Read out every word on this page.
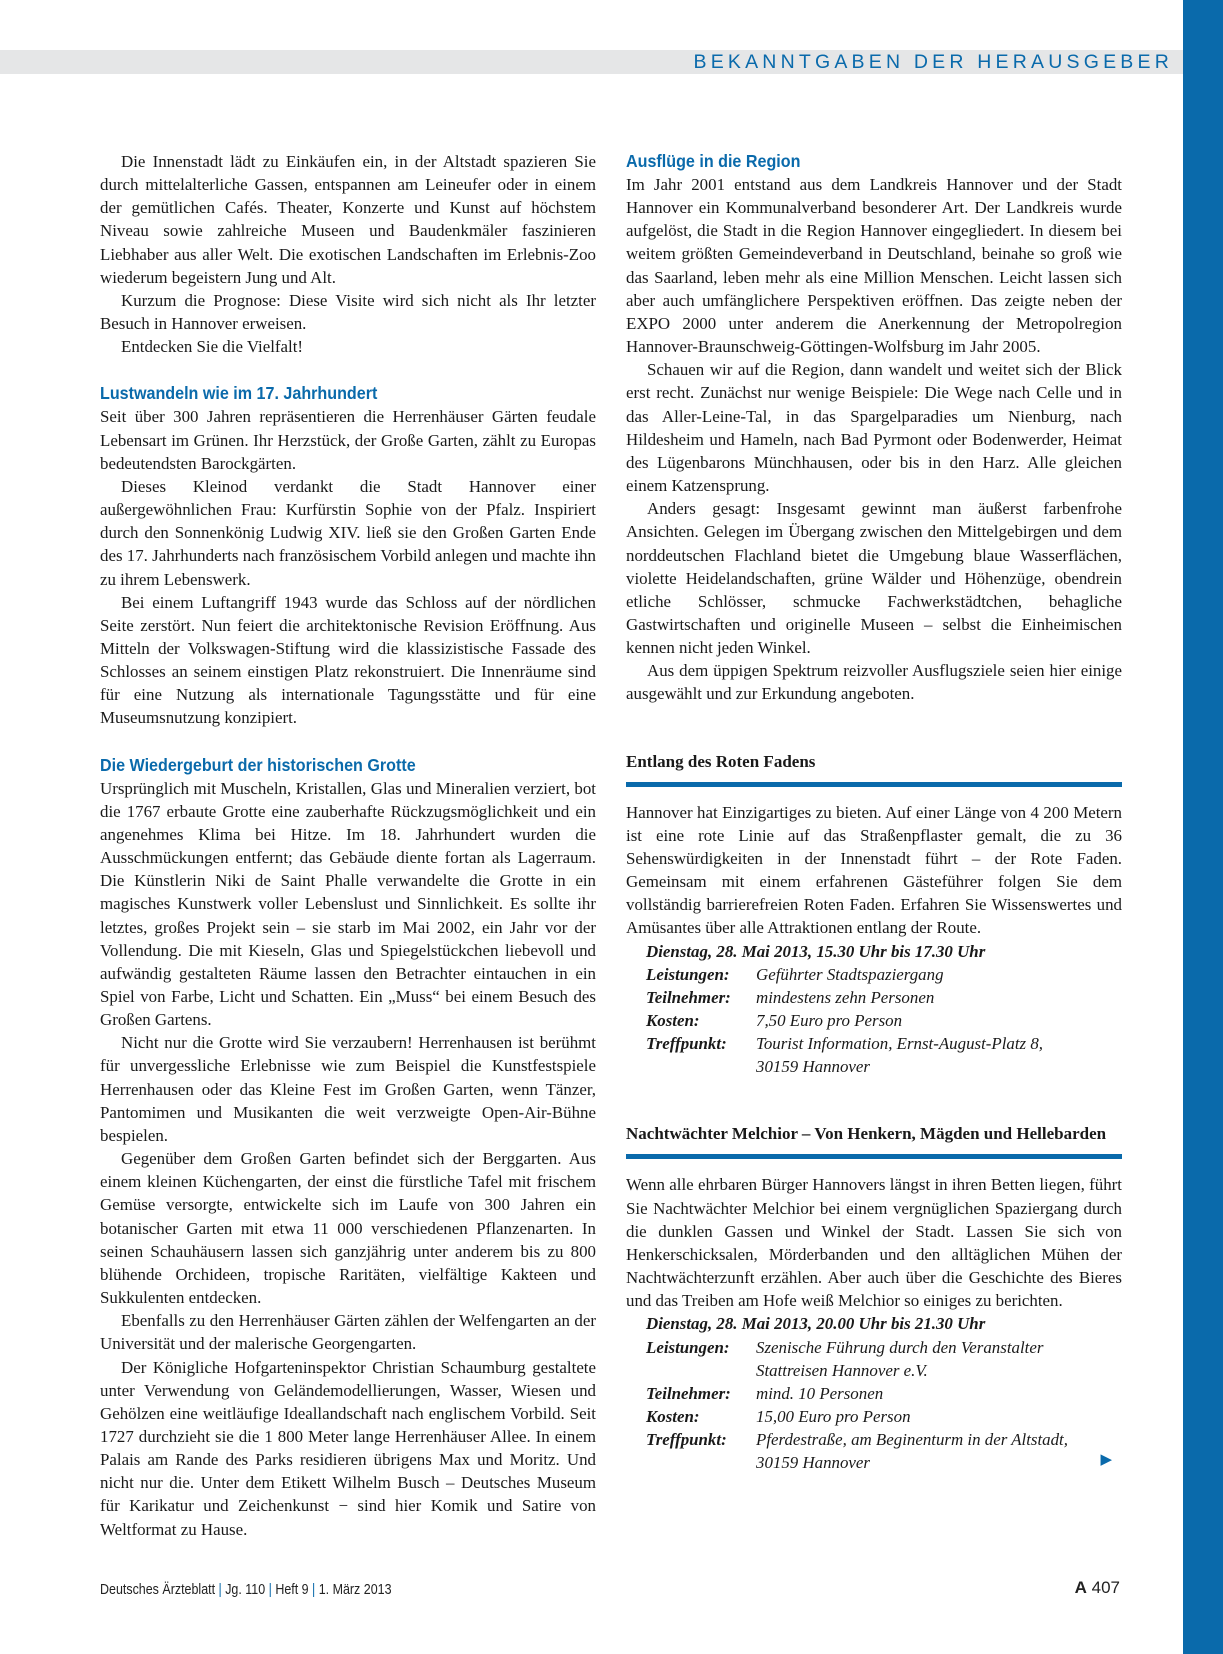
BEKANNTGABEN DER HERAUSGEBER

Die Innenstadt lädt zu Einkäufen ein, in der Altstadt spazieren Sie durch mittelalterliche Gassen, entspannen am Leineufer oder in einem der gemütlichen Cafés. Theater, Konzerte und Kunst auf höchstem Niveau sowie zahlreiche Museen und Baudenkmäler faszinieren Liebhaber aus aller Welt. Die exotischen Landschaften im Erlebnis-Zoo wiederum begeistern Jung und Alt.

Kurzum die Prognose: Diese Visite wird sich nicht als Ihr letzter Besuch in Hannover erweisen.

Entdecken Sie die Vielfalt!

Lustwandeln wie im 17. Jahrhundert

Seit über 300 Jahren repräsentieren die Herrenhäuser Gärten feudale Lebensart im Grünen. Ihr Herzstück, der Große Garten, zählt zu Europas bedeutendsten Barockgärten.

Dieses Kleinod verdankt die Stadt Hannover einer außergewöhnlichen Frau: Kurfürstin Sophie von der Pfalz. Inspiriert durch den Sonnenkönig Ludwig XIV. ließ sie den Großen Garten Ende des 17. Jahrhunderts nach französischem Vorbild anlegen und machte ihn zu ihrem Lebenswerk.

Bei einem Luftangriff 1943 wurde das Schloss auf der nördlichen Seite zerstört. Nun feiert die architektonische Revision Eröffnung. Aus Mitteln der Volkswagen-Stiftung wird die klassizistische Fassade des Schlosses an seinem einstigen Platz rekonstruiert. Die Innenräume sind für eine Nutzung als internationale Tagungsstätte und für eine Museumsnutzung konzipiert.

Die Wiedergeburt der historischen Grotte

Ursprünglich mit Muscheln, Kristallen, Glas und Mineralien verziert, bot die 1767 erbaute Grotte eine zauberhafte Rückzugsmöglichkeit und ein angenehmes Klima bei Hitze. Im 18. Jahrhundert wurden die Ausschmückungen entfernt; das Gebäude diente fortan als Lagerraum. Die Künstlerin Niki de Saint Phalle verwandelte die Grotte in ein magisches Kunstwerk voller Lebenslust und Sinnlichkeit. Es sollte ihr letztes, großes Projekt sein – sie starb im Mai 2002, ein Jahr vor der Vollendung. Die mit Kieseln, Glas und Spiegelstückchen liebevoll und aufwändig gestalteten Räume lassen den Betrachter eintauchen in ein Spiel von Farbe, Licht und Schatten. Ein „Muss“ bei einem Besuch des Großen Gartens.

Nicht nur die Grotte wird Sie verzaubern! Herrenhausen ist berühmt für unvergessliche Erlebnisse wie zum Beispiel die Kunstfestspiele Herrenhausen oder das Kleine Fest im Großen Garten, wenn Tänzer, Pantomimen und Musikanten die weit verzweigte Open-Air-Bühne bespielen.

Gegenüber dem Großen Garten befindet sich der Berggarten. Aus einem kleinen Küchengarten, der einst die fürstliche Tafel mit frischem Gemüse versorgte, entwickelte sich im Laufe von 300 Jahren ein botanischer Garten mit etwa 11 000 verschiedenen Pflanzenarten. In seinen Schauhäusern lassen sich ganzjährig unter anderem bis zu 800 blühende Orchideen, tropische Raritäten, vielfältige Kakteen und Sukkulenten entdecken.

Ebenfalls zu den Herrenhäuser Gärten zählen der Welfengarten an der Universität und der malerische Georgengarten.

Der Königliche Hofgarteninspektor Christian Schaumburg gestaltete unter Verwendung von Geländemodellierungen, Wasser, Wiesen und Gehölzen eine weitläufige Ideallandschaft nach englischem Vorbild. Seit 1727 durchzieht sie die 1 800 Meter lange Herrenhäuser Allee. In einem Palais am Rande des Parks residieren übrigens Max und Moritz. Und nicht nur die. Unter dem Etikett Wilhelm Busch – Deutsches Museum für Karikatur und Zeichenkunst − sind hier Komik und Satire von Weltformat zu Hause.

Ausflüge in die Region

Im Jahr 2001 entstand aus dem Landkreis Hannover und der Stadt Hannover ein Kommunalverband besonderer Art. Der Landkreis wurde aufgelöst, die Stadt in die Region Hannover eingegliedert. In diesem bei weitem größten Gemeindeverband in Deutschland, beinahe so groß wie das Saarland, leben mehr als eine Million Menschen. Leicht lassen sich aber auch umfänglichere Perspektiven eröffnen. Das zeigte neben der EXPO 2000 unter anderem die Anerkennung der Metropolregion Hannover-Braunschweig-Göttingen-Wolfsburg im Jahr 2005.

Schauen wir auf die Region, dann wandelt und weitet sich der Blick erst recht. Zunächst nur wenige Beispiele: Die Wege nach Celle und in das Aller-Leine-Tal, in das Spargelparadies um Nienburg, nach Hildesheim und Hameln, nach Bad Pyrmont oder Bodenwerder, Heimat des Lügenbarons Münchhausen, oder bis in den Harz. Alle gleichen einem Katzensprung.

Anders gesagt: Insgesamt gewinnt man äußerst farbenfrohe Ansichten. Gelegen im Übergang zwischen den Mittelgebirgen und dem norddeutschen Flachland bietet die Umgebung blaue Wasserflächen, violette Heidelandschaften, grüne Wälder und Höhenzüge, obendrein etliche Schlösser, schmucke Fachwerkstädtchen, behagliche Gastwirtschaften und originelle Museen – selbst die Einheimischen kennen nicht jeden Winkel.

Aus dem üppigen Spektrum reizvoller Ausflugsziele seien hier einige ausgewählt und zur Erkundung angeboten.

Entlang des Roten Fadens

Hannover hat Einzigartiges zu bieten. Auf einer Länge von 4 200 Metern ist eine rote Linie auf das Straßenpflaster gemalt, die zu 36 Sehenswürdigkeiten in der Innenstadt führt – der Rote Faden. Gemeinsam mit einem erfahrenen Gästeführer folgen Sie dem vollständig barrierefreien Roten Faden. Erfahren Sie Wissenswertes und Amüsantes über alle Attraktionen entlang der Route.

Dienstag, 28. Mai 2013, 15.30 Uhr bis 17.30 Uhr
Leistungen:	Geführter Stadtspaziergang
Teilnehmer:	mindestens zehn Personen
Kosten:	7,50 Euro pro Person
Treffpunkt:	Tourist Information, Ernst-August-Platz 8,
30159 Hannover
Nachtwächter Melchior – Von Henkern, Mägden und Hellebarden

Wenn alle ehrbaren Bürger Hannovers längst in ihren Betten liegen, führt Sie Nachtwächter Melchior bei einem vergnüglichen Spaziergang durch die dunklen Gassen und Winkel der Stadt. Lassen Sie sich von Henkerschicksalen, Mörderbanden und den alltäglichen Mühen der Nachtwächterzunft erzählen. Aber auch über die Geschichte des Bieres und das Treiben am Hofe weiß Melchior so einiges zu berichten.

Dienstag, 28. Mai 2013, 20.00 Uhr bis 21.30 Uhr
Leistungen:	Szenische Führung durch den Veranstalter
Stattreisen Hannover e.V.
Teilnehmer:	mind. 10 Personen
Kosten:	15,00 Euro pro Person
Treffpunkt:	Pferdestraße, am Beginenturm in der Altstadt,
30159 Hannover	▶
Deutsches Ärzteblatt | Jg. 110 | Heft 9 | 1. März 2013	A 407
